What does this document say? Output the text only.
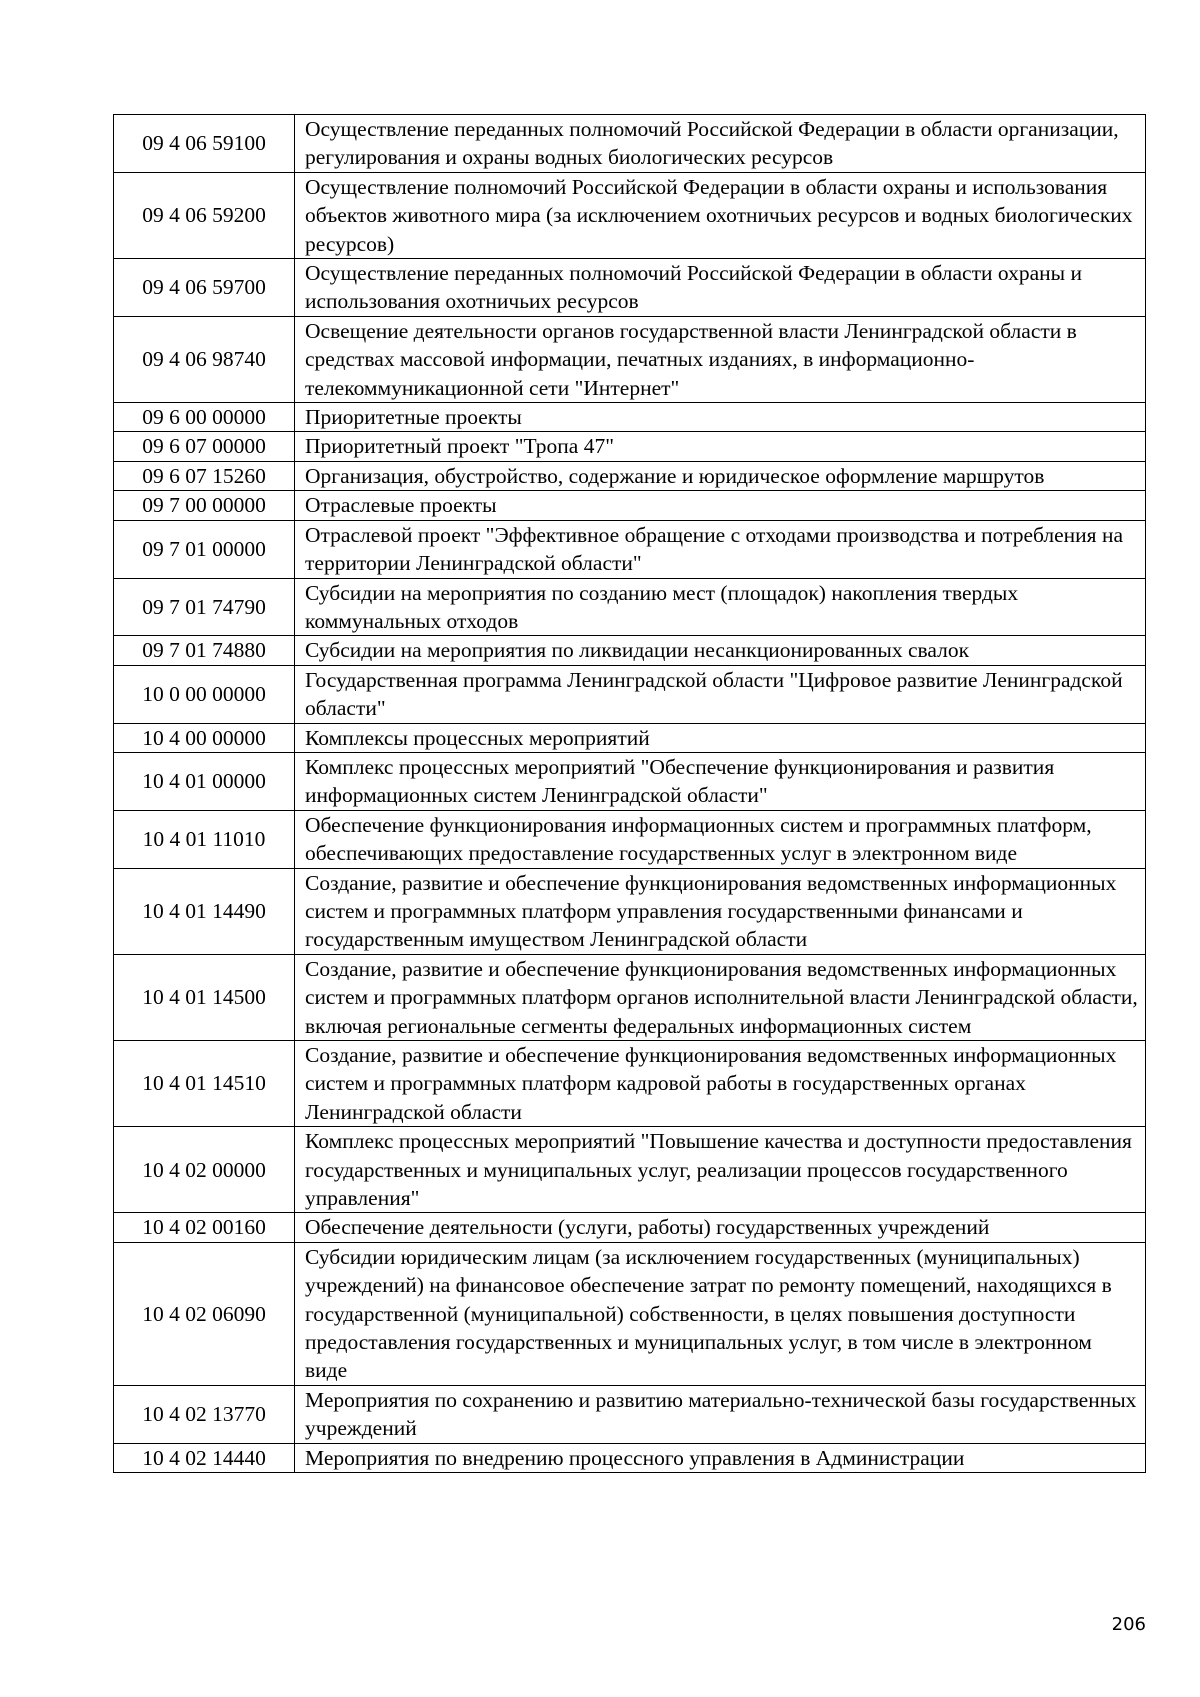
09 4 06 59100	Осуществление переданных полномочий Российской Федерации в области организации, регулирования и охраны водных биологических ресурсов
09 4 06 59200	Осуществление полномочий Российской Федерации в области охраны и использования объектов животного мира (за исключением охотничьих ресурсов и водных биологических ресурсов)
09 4 06 59700	Осуществление переданных полномочий Российской Федерации в области охраны и использования охотничьих ресурсов
09 4 06 98740	Освещение деятельности органов государственной власти Ленинградской области в средствах массовой информации, печатных изданиях, в информационно-телекоммуникационной сети "Интернет"
09 6 00 00000	Приоритетные проекты
09 6 07 00000	Приоритетный проект "Тропа 47"
09 6 07 15260	Организация, обустройство, содержание и юридическое оформление маршрутов
09 7 00 00000	Отраслевые проекты
09 7 01 00000	Отраслевой проект "Эффективное обращение с отходами производства и потребления на территории Ленинградской области"
09 7 01 74790	Субсидии на мероприятия по созданию мест (площадок) накопления твердых коммунальных отходов
09 7 01 74880	Субсидии на мероприятия по ликвидации несанкционированных свалок
10 0 00 00000	Государственная программа Ленинградской области "Цифровое развитие Ленинградской области"
10 4 00 00000	Комплексы процессных мероприятий
10 4 01 00000	Комплекс процессных мероприятий "Обеспечение функционирования и развития информационных систем Ленинградской области"
10 4 01 11010	Обеспечение функционирования информационных систем и программных платформ, обеспечивающих предоставление государственных услуг в электронном виде
10 4 01 14490	Создание, развитие и обеспечение функционирования ведомственных информационных систем и программных платформ управления государственными финансами и государственным имуществом Ленинградской области
10 4 01 14500	Создание, развитие и обеспечение функционирования ведомственных информационных систем и программных платформ органов исполнительной власти Ленинградской области, включая региональные сегменты федеральных информационных систем
10 4 01 14510	Создание, развитие и обеспечение функционирования ведомственных информационных систем и программных платформ кадровой работы в государственных органах Ленинградской области
10 4 02 00000	Комплекс процессных мероприятий "Повышение качества и доступности предоставления государственных и муниципальных услуг, реализации процессов государственного управления"
10 4 02 00160	Обеспечение деятельности (услуги, работы) государственных учреждений
10 4 02 06090	Субсидии юридическим лицам (за исключением государственных (муниципальных) учреждений) на финансовое обеспечение затрат по ремонту помещений, находящихся в государственной (муниципальной) собственности, в целях повышения доступности предоставления государственных и муниципальных услуг, в том числе в электронном виде
10 4 02 13770	Мероприятия по сохранению и развитию материально-технической базы государственных учреждений
10 4 02 14440	Мероприятия по внедрению процессного управления в Администрации
206
